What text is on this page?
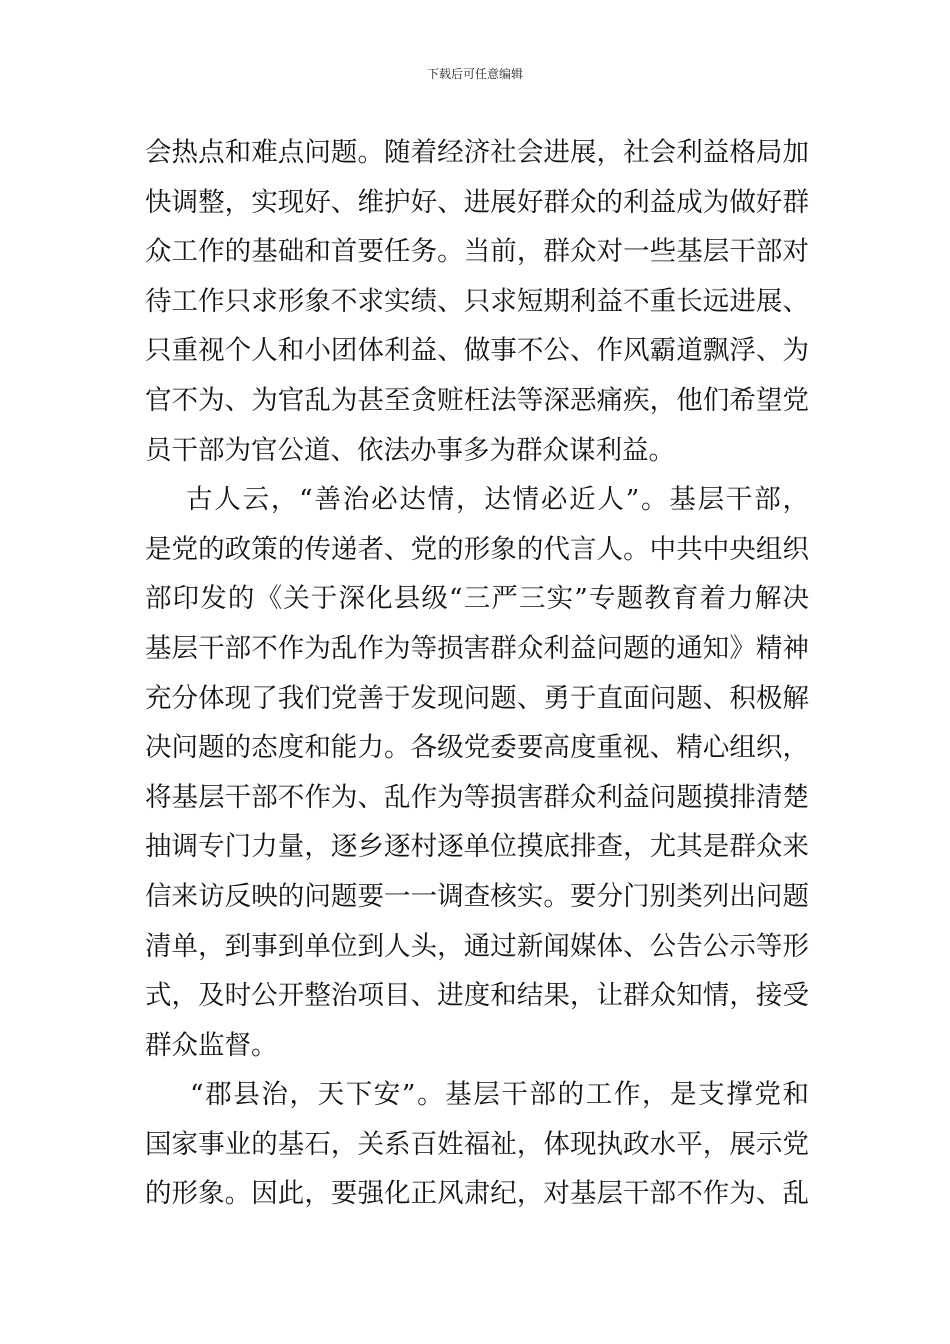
下载后可任意编辑
会热点和难点问题。随着经济社会进展，社会利益格局加
快调整，实现好、维护好、进展好群众的利益成为做好群
众工作的基础和首要任务。当前，群众对一些基层干部对
待工作只求形象不求实绩、只求短期利益不重长远进展、
只重视个人和小团体利益、做事不公、作风霸道飘浮、为
官不为、为官乱为甚至贪赃枉法等深恶痛疾，他们希望党
员干部为官公道、依法办事多为群众谋利益。
古人云，“善治必达情，达情必近人”。基层干部，
是党的政策的传递者、党的形象的代言人。中共中央组织
部印发的《关于深化县级“三严三实”专题教育着力解决
基层干部不作为乱作为等损害群众利益问题的通知》精神
充分体现了我们党善于发现问题、勇于直面问题、积极解
决问题的态度和能力。各级党委要高度重视、精心组织，
将基层干部不作为、乱作为等损害群众利益问题摸排清楚
抽调专门力量，逐乡逐村逐单位摸底排查，尤其是群众来
信来访反映的问题要一一调查核实。要分门别类列出问题
清单，到事到单位到人头，通过新闻媒体、公告公示等形
式，及时公开整治项目、进度和结果，让群众知情，接受
群众监督。
“郡县治，天下安”。基层干部的工作，是支撑党和
国家事业的基石，关系百姓福祉，体现执政水平，展示党
的形象。因此，要强化正风肃纪，对基层干部不作为、乱
